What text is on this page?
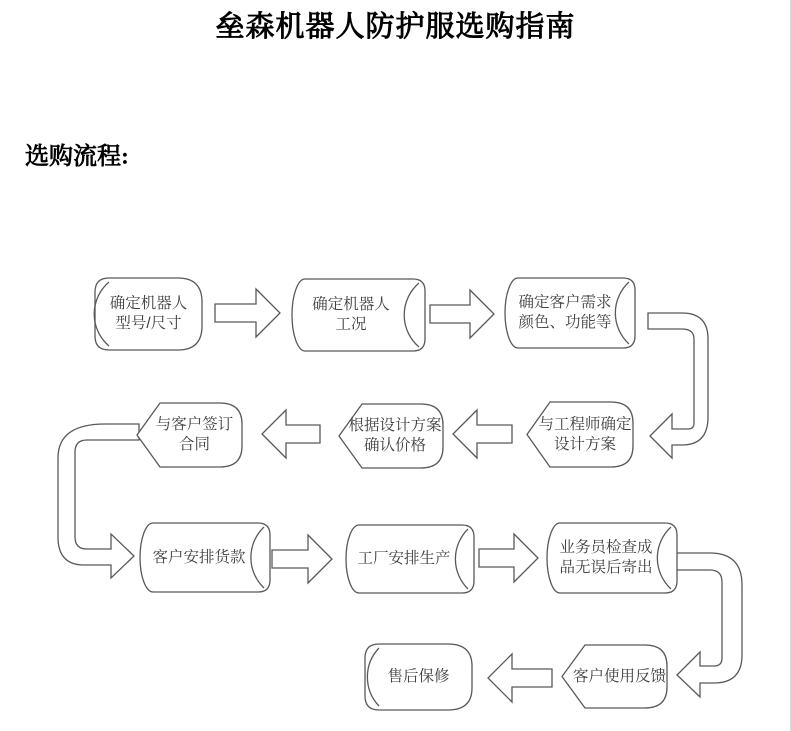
垒森机器人防护服选购指南
选购流程:
确定机器人
型号/尺寸
确定机器人
工况
确定客户需求
颜色、功能等
与工程师确定
设计方案
根据设计方案
确认价格
与客户签订
合同
客户安排货款	工厂安排生产
业务员检查成
品无误后寄出
售后保修	客户使用反馈
